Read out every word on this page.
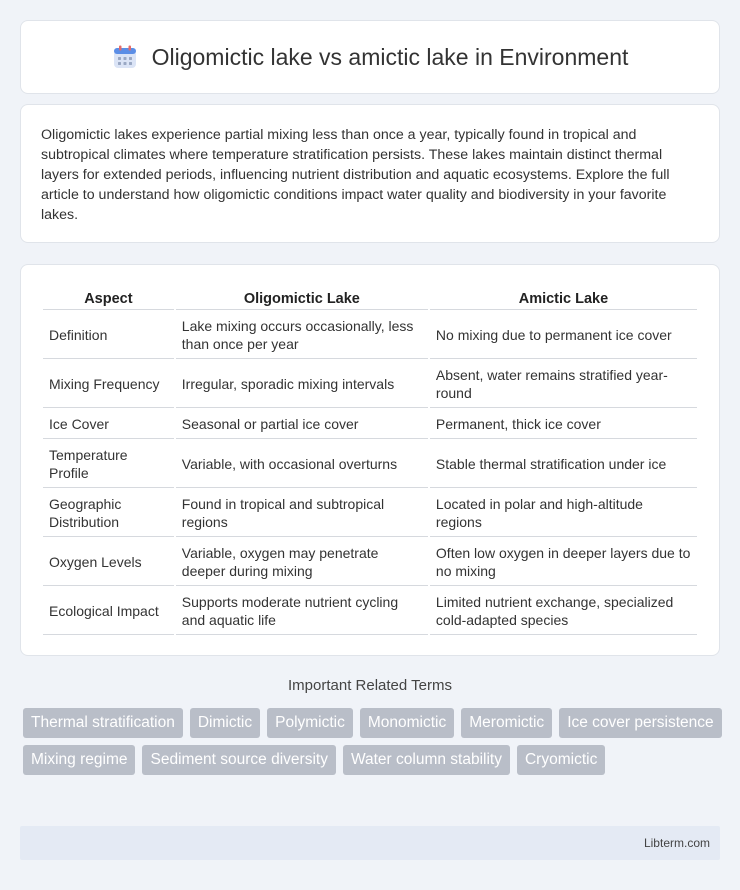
Oligomictic lake vs amictic lake in Environment

Oligomictic lakes experience partial mixing less than once a year, typically found in tropical and subtropical climates where temperature stratification persists. These lakes maintain distinct thermal layers for extended periods, influencing nutrient distribution and aquatic ecosystems. Explore the full article to understand how oligomictic conditions impact water quality and biodiversity in your favorite lakes.

Aspect	Oligomictic Lake	Amictic Lake
Definition	Lake mixing occurs occasionally, less than once per year	No mixing due to permanent ice cover
Mixing Frequency	Irregular, sporadic mixing intervals	Absent, water remains stratified year-round
Ice Cover	Seasonal or partial ice cover	Permanent, thick ice cover
Temperature Profile	Variable, with occasional overturns	Stable thermal stratification under ice
Geographic Distribution	Found in tropical and subtropical regions	Located in polar and high-altitude regions
Oxygen Levels	Variable, oxygen may penetrate deeper during mixing	Often low oxygen in deeper layers due to no mixing
Ecological Impact	Supports moderate nutrient cycling and aquatic life	Limited nutrient exchange, specialized cold-adapted species
Important Related Terms
Thermal stratification	Dimictic	Polymictic	Monomictic	Meromictic	Ice cover persistence
Mixing regime	Sediment source diversity	Water column stability	Cryomictic
Libterm.com
